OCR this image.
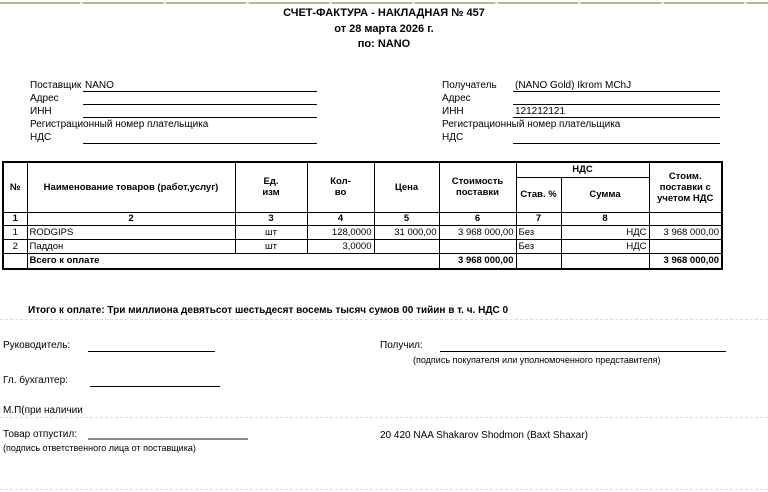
СЧЕТ-ФАКТУРА - НАКЛАДНАЯ № 457
от 28 марта 2026 г.
по: NANO
Поставщик NANO
Адрес
ИНН
Регистрационный номер плательщика
НДС
Получатель (NANO Gold) Ikrom MChJ
Адрес
ИНН	121212121
Регистрационный номер плательщика
НДС
№	Наименование товаров (работ,услуг)	Ед. изм	Кол-во	Цена	Стоимость поставки	НДС		Стоим. поставки с учетом НДС

						Став. %	Сумма	
1	2	3	4	5	6	7	8	
1	RODGIPS	шт	128,0000	31 000,00	3 968 000,00	Без	НДС	3 968 000,00
2	Паддон	шт	3,0000			Без	НДС	
	Всего к оплате				3 968 000,00			3 968 000,00
Итого к оплате: Три миллиона девятьсот шестьдесят восемь тысяч сумов 00 тийин в т. ч. НДС 0
Руководитель:	Получил:
(подпись покупателя или уполномоченного представителя)
Гл. бухгалтер:
М.П(при наличии
Товар отпустил:
(подпись ответственного лица от поставщика)
20 420 NAA Shakarov Shodmon (Baxt Shaxar)
